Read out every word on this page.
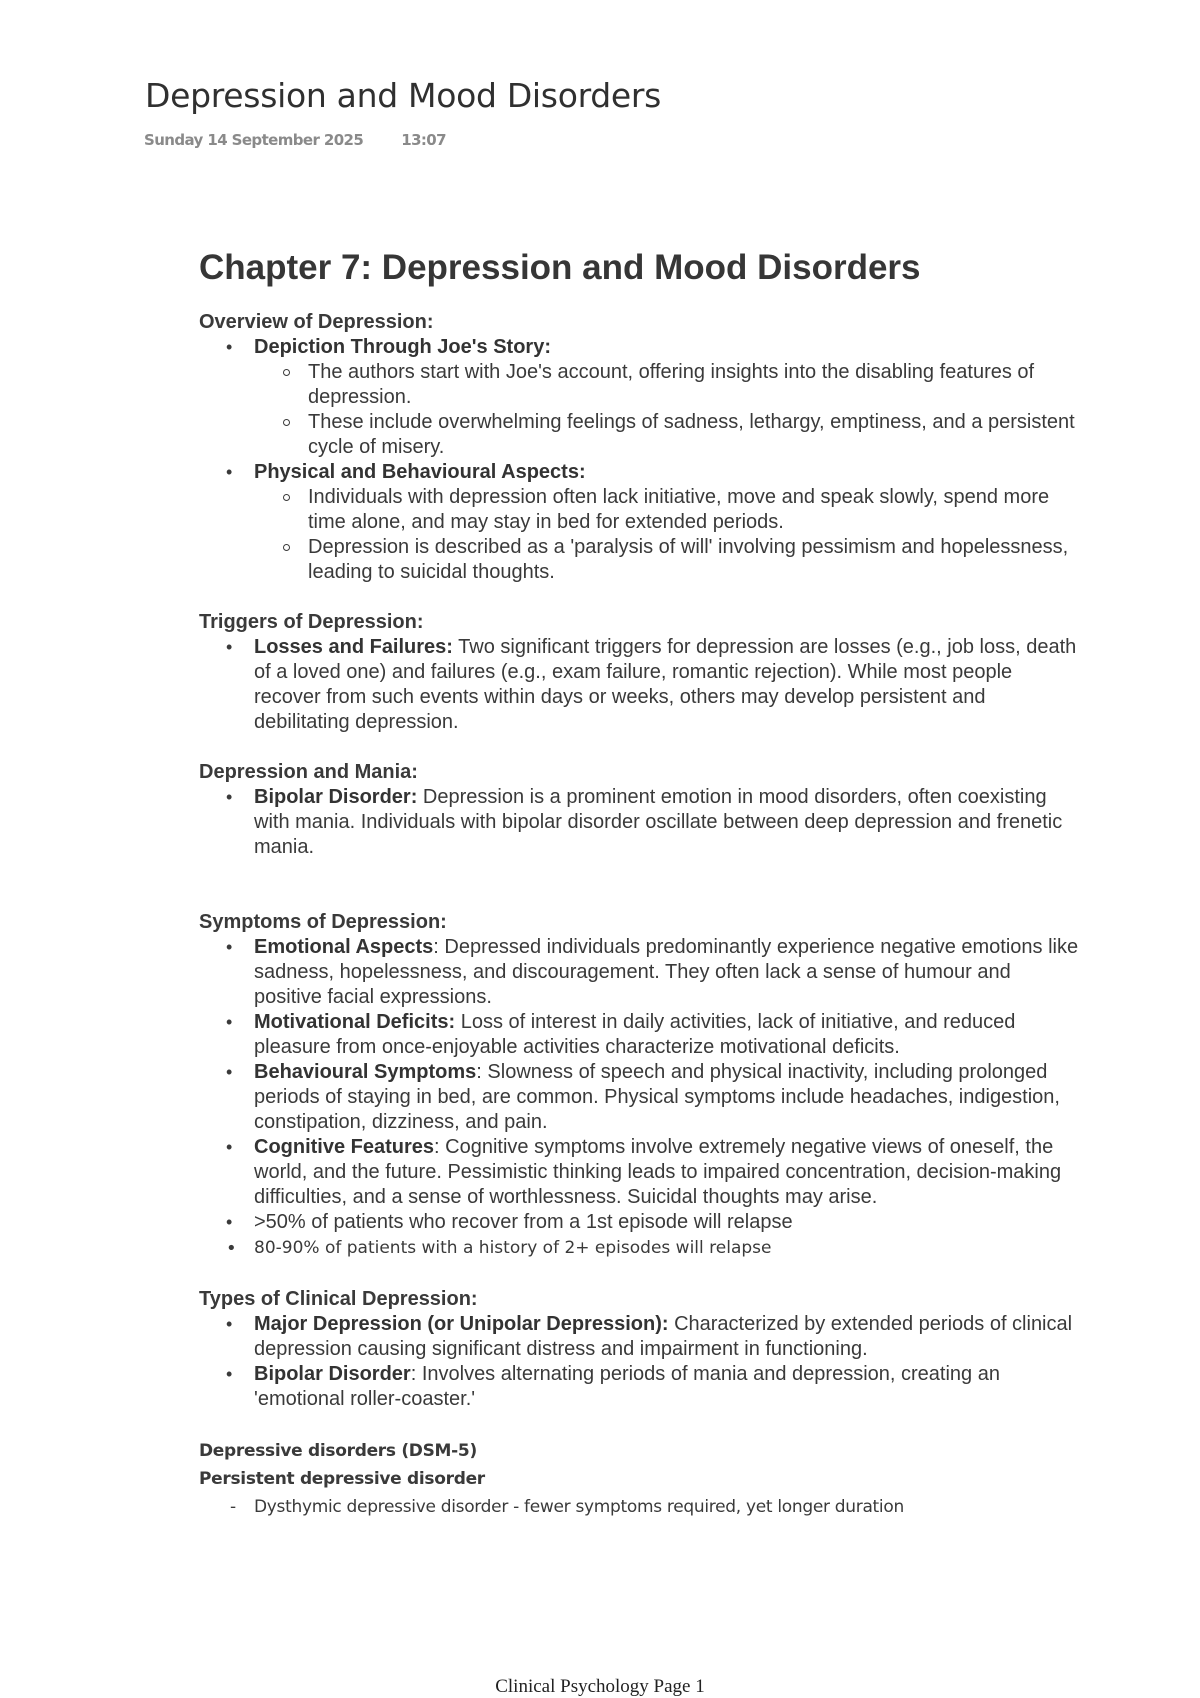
Depression and Mood Disorders
Sunday 14 September 2025	13:07
Chapter 7: Depression and Mood Disorders
Overview of Depression:
• Depiction Through Joe's Story:
The authors start with Joe's account, offering insights into the disabling features of depression.
These include overwhelming feelings of sadness, lethargy, emptiness, and a persistent cycle of misery.
• Physical and Behavioural Aspects:
Individuals with depression often lack initiative, move and speak slowly, spend more time alone, and may stay in bed for extended periods.
Depression is described as a 'paralysis of will' involving pessimism and hopelessness, leading to suicidal thoughts.
Triggers of Depression:
• Losses and Failures: Two significant triggers for depression are losses (e.g., job loss, death of a loved one) and failures (e.g., exam failure, romantic rejection). While most people recover from such events within days or weeks, others may develop persistent and debilitating depression.
Depression and Mania:
• Bipolar Disorder: Depression is a prominent emotion in mood disorders, often coexisting with mania. Individuals with bipolar disorder oscillate between deep depression and frenetic mania.
Symptoms of Depression:
• Emotional Aspects: Depressed individuals predominantly experience negative emotions like sadness, hopelessness, and discouragement. They often lack a sense of humour and positive facial expressions.
• Motivational Deficits: Loss of interest in daily activities, lack of initiative, and reduced pleasure from once-enjoyable activities characterize motivational deficits.
• Behavioural Symptoms: Slowness of speech and physical inactivity, including prolonged periods of staying in bed, are common. Physical symptoms include headaches, indigestion, constipation, dizziness, and pain.
• Cognitive Features: Cognitive symptoms involve extremely negative views of oneself, the world, and the future. Pessimistic thinking leads to impaired concentration, decision-making difficulties, and a sense of worthlessness. Suicidal thoughts may arise.
• >50% of patients who recover from a 1st episode will relapse
• 80-90% of patients with a history of 2+ episodes will relapse
Types of Clinical Depression:
• Major Depression (or Unipolar Depression): Characterized by extended periods of clinical depression causing significant distress and impairment in functioning.
• Bipolar Disorder: Involves alternating periods of mania and depression, creating an 'emotional roller-coaster.'
Depressive disorders (DSM-5)
Persistent depressive disorder
- Dysthymic depressive disorder - fewer symptoms required, yet longer duration
Clinical Psychology Page 1
